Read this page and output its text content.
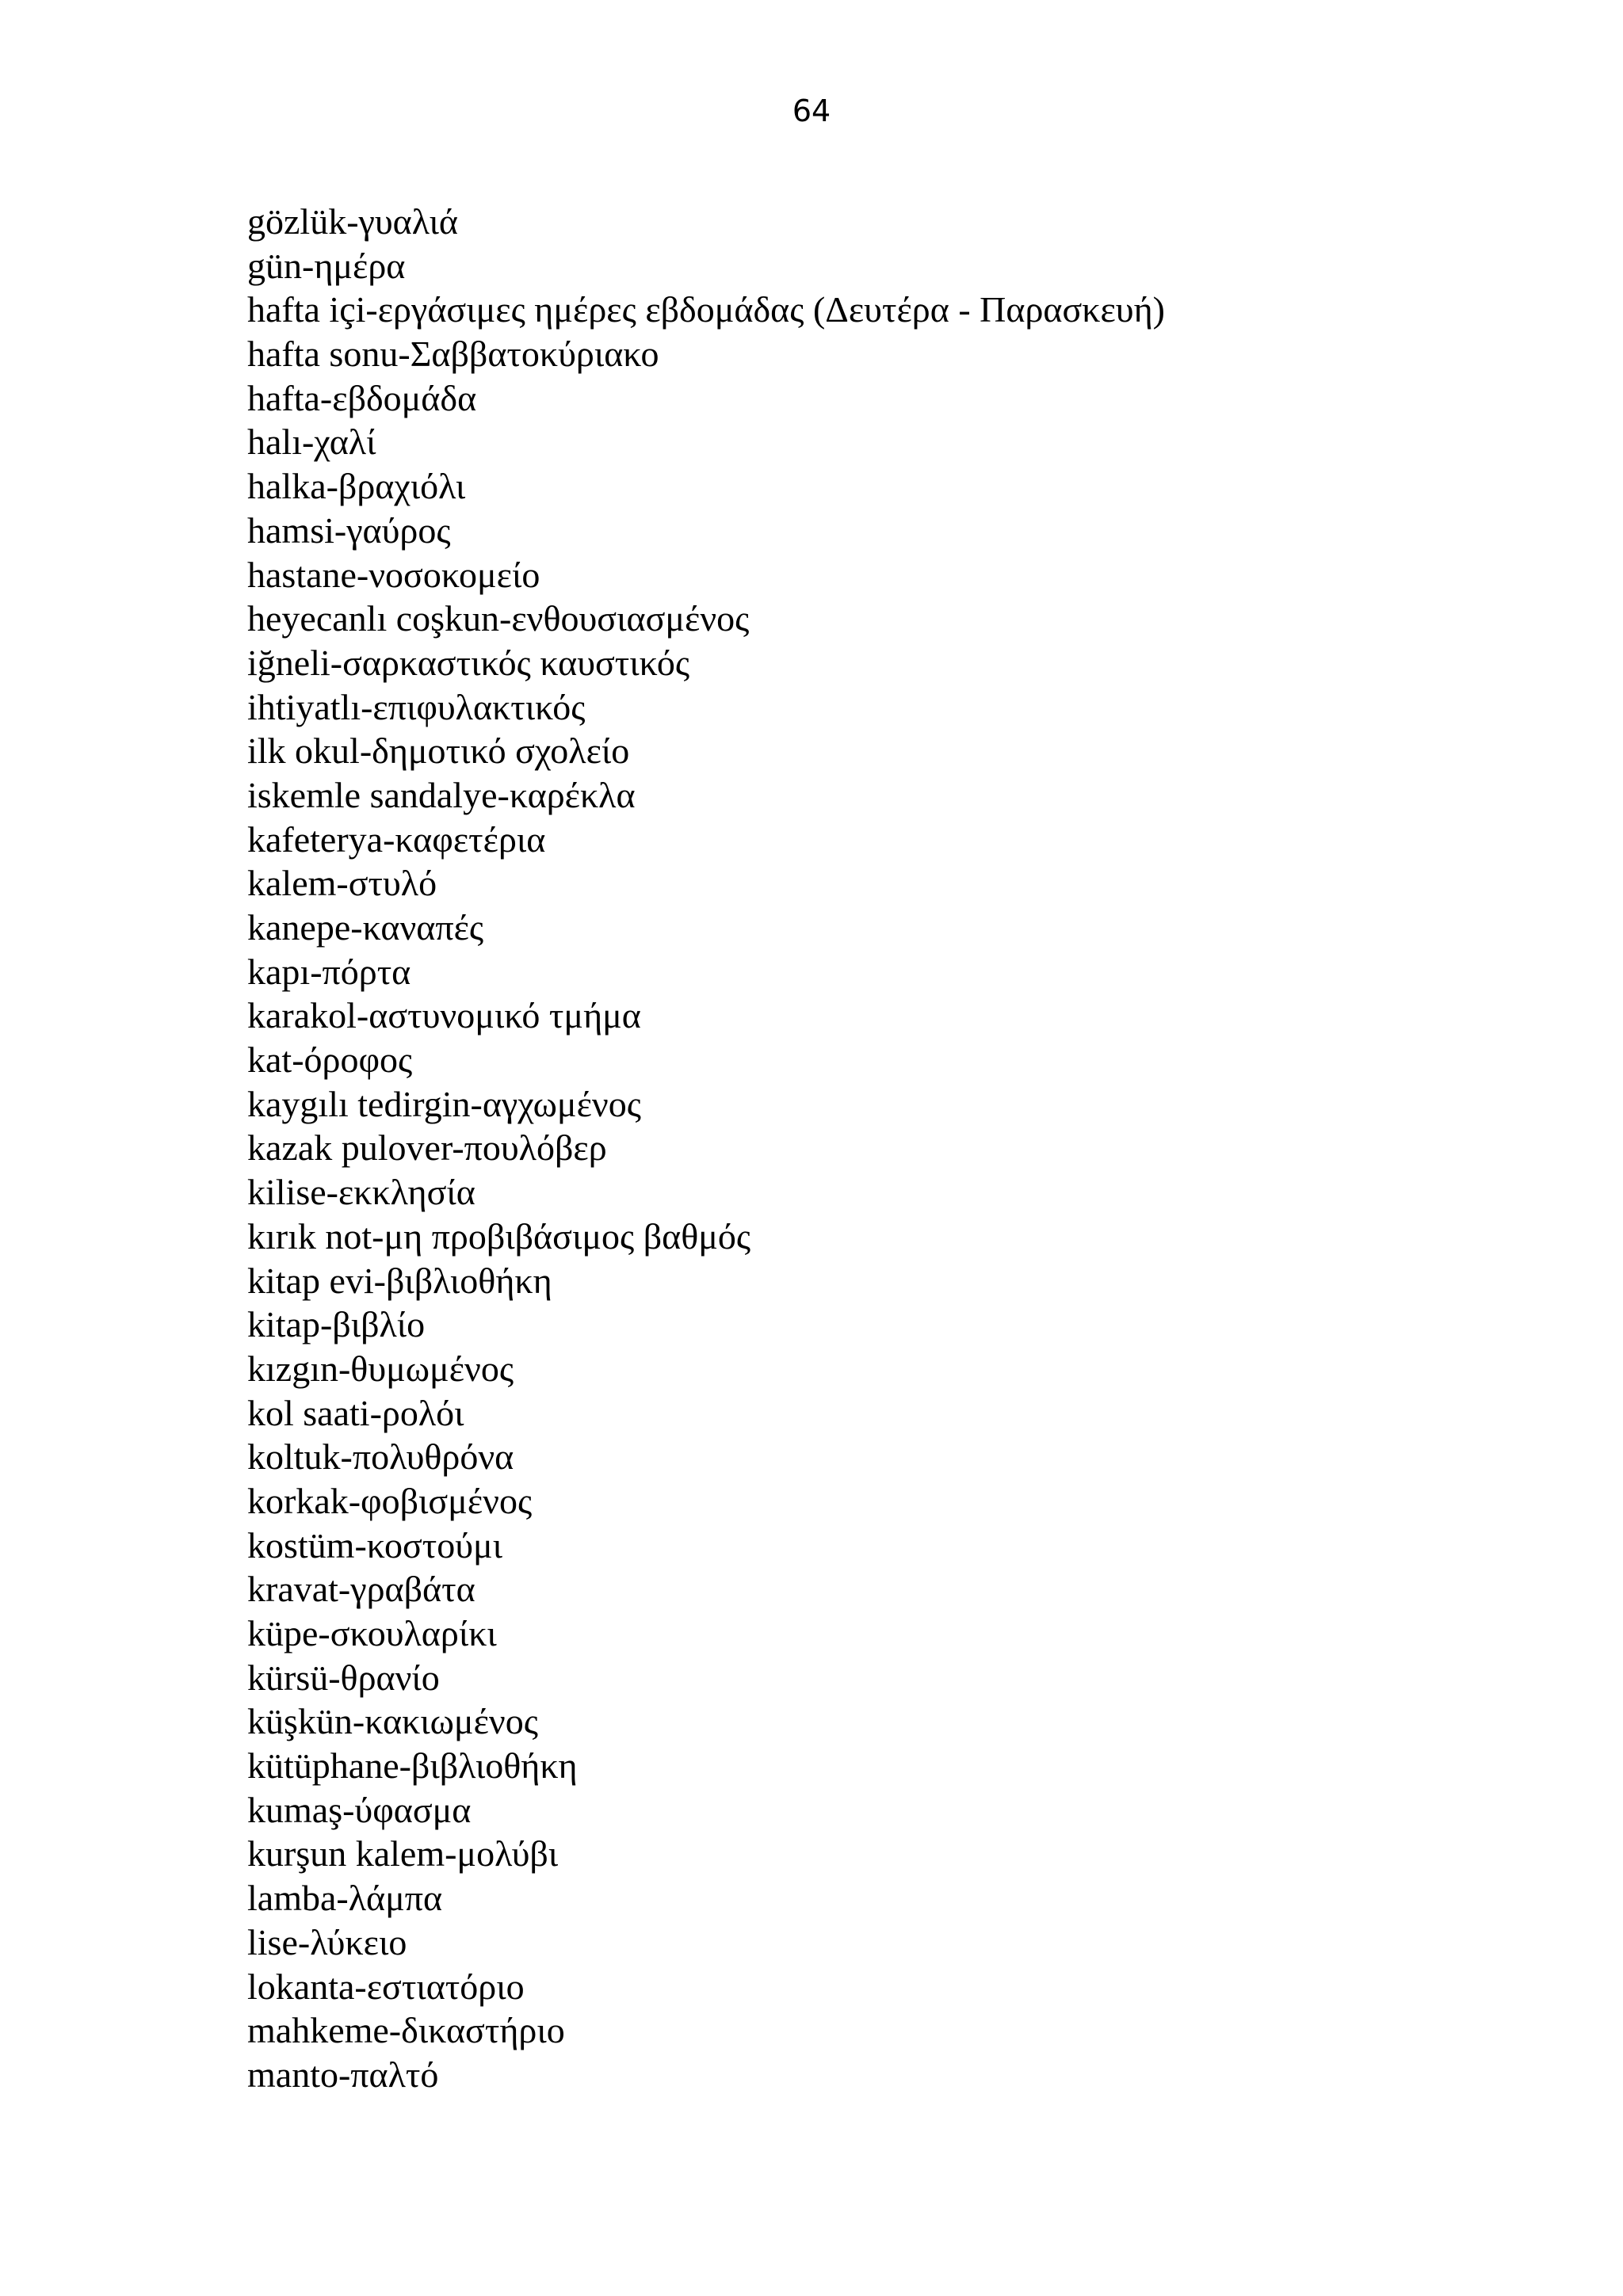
64
gözlük-γυαλιά
gün-ημέρα
hafta içi-εργάσιμες ημέρες εβδομάδας (Δευτέρα - Παρασκευή)
hafta sonu-Σαββατοκύριακο
hafta-εβδομάδα
halı-χαλί
halka-βραχιόλι
hamsi-γαύρος
hastane-νοσοκομείο
heyecanlı coşkun-ενθουσιασμένος
iğneli-σαρκαστικός καυστικός
ihtiyatlı-επιφυλακτικός
ilk okul-δημοτικό σχολείο
iskemle sandalye-καρέκλα
kafeterya-καφετέρια
kalem-στυλό
kanepe-καναπές
kapı-πόρτα
karakol-αστυνομικό τμήμα
kat-όροφος
kaygılı tedirgin-αγχωμένος
kazak pulover-πουλόβερ
kilise-εκκλησία
kırık not-μη προβιβάσιμος βαθμός
kitap evi-βιβλιοθήκη
kitap-βιβλίο
kızgın-θυμωμένος
kol saati-ρολόι
koltuk-πολυθρόνα
korkak-φοβισμένος
kostüm-κοστούμι
kravat-γραβάτα
küpe-σκουλαρίκι
kürsü-θρανίο
küşkün-κακιωμένος
kütüphane-βιβλιοθήκη
kumaş-ύφασμα
kurşun kalem-μολύβι
lamba-λάμπα
lise-λύκειο
lokanta-εστιατόριο
mahkeme-δικαστήριο
manto-παλτό
